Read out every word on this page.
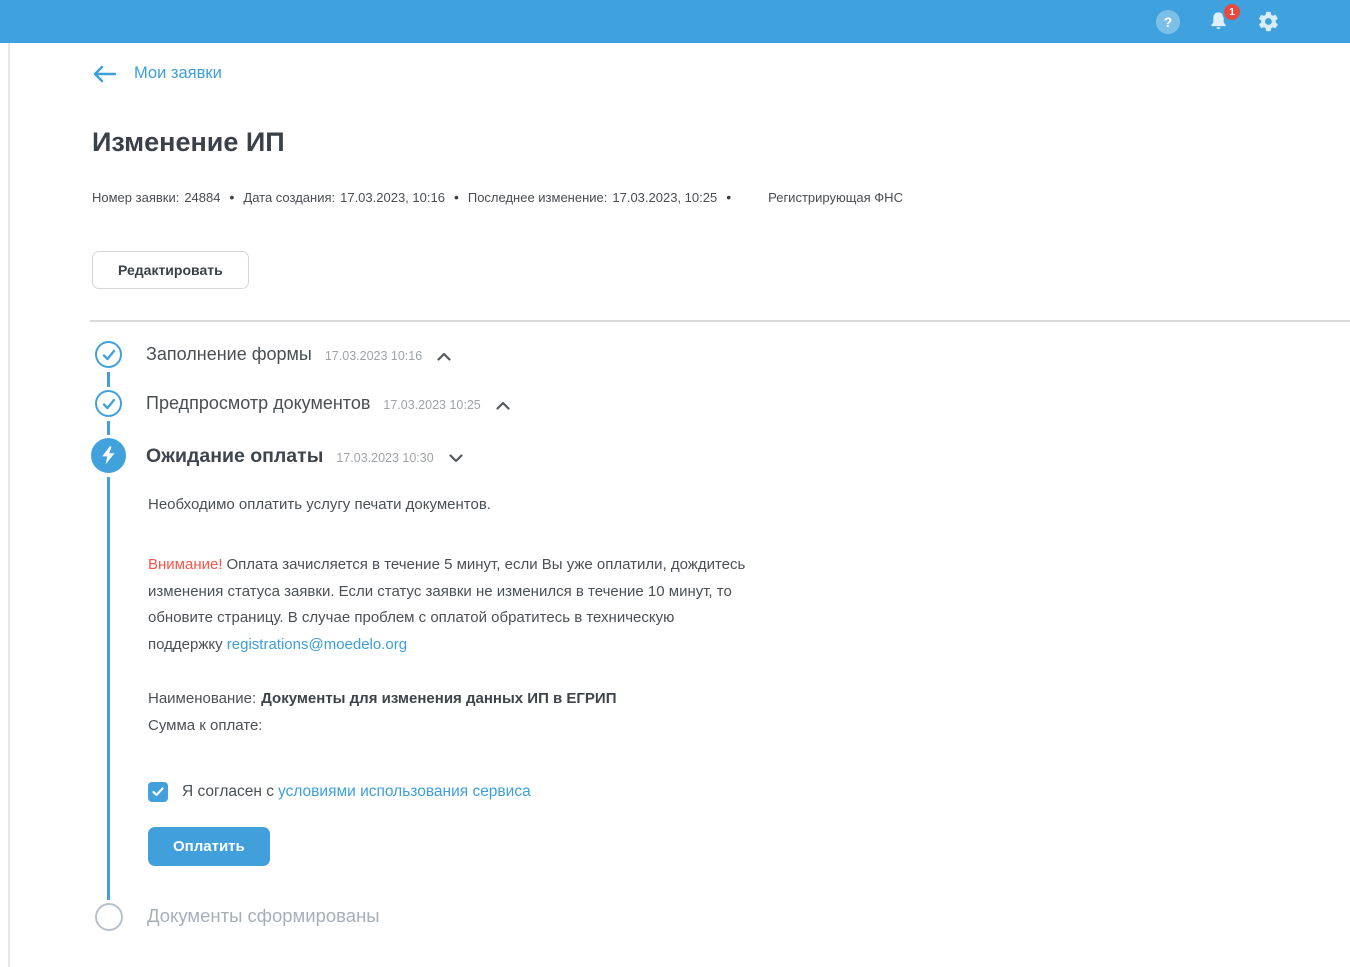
?
1
Мои заявки
Изменение ИП
Номер заявки: 24884 • Дата создания: 17.03.2023, 10:16 • Последнее изменение: 17.03.2023, 10:25 •	Регистрирующая ФНС
Редактировать
Заполнение формы 17.03.2023 10:16
Предпросмотр документов 17.03.2023 10:25
Ожидание оплаты 17.03.2023 10:30
Необходимо оплатить услугу печати документов.
Внимание! Оплата зачисляется в течение 5 минут, если Вы уже оплатили, дождитесь
изменения статуса заявки. Если статус заявки не изменился в течение 10 минут, то
обновите страницу. В случае проблем с оплатой обратитесь в техническую
поддержку registrations@moedelo.org
Наименование: Документы для изменения данных ИП в ЕГРИП
Сумма к оплате:
Я согласен с условиями использования сервиса
Оплатить
Документы сформированы
